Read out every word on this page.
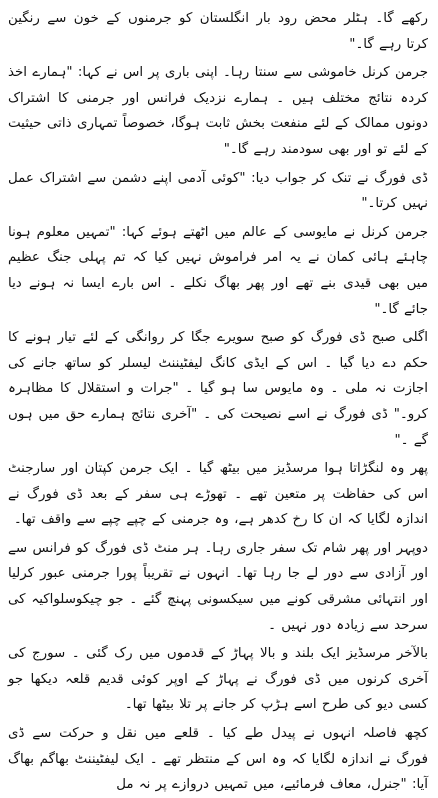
رکھے گا۔ ہٹلر محض رود بار انگلستان کو جرمنوں کے خون سے رنگین کرتا رہے گا۔"

جرمن کرنل خاموشی سے سنتا رہا۔ اپنی باری پر اس نے کہا: "ہمارے اخذ کردہ نتائج مختلف ہیں ۔ ہمارے نزدیک فرانس اور جرمنی کا اشتراک دونوں ممالک کے لئے منفعت بخش ثابت ہوگا، خصوصاً تمہاری ذاتی حیثیت کے لئے تو اور بھی سودمند رہے گا۔"

ڈی فورگ نے تنک کر جواب دیا: "کوئی آدمی اپنے دشمن سے اشتراک عمل نہیں کرتا۔"

جرمن کرنل نے مایوسی کے عالم میں اٹھتے ہوئے کہا: "تمہیں معلوم ہونا چاہئے ہائی کمان نے یہ امر فراموش نہیں کیا کہ تم پہلی جنگ عظیم میں بھی قیدی بنے تھے اور پھر بھاگ نکلے ۔ اس بارے ایسا نہ ہونے دیا جائے گا۔"

اگلی صبح ڈی فورگ کو صبح سویرے جگا کر روانگی کے لئے تیار ہونے کا حکم دے دیا گیا ۔ اس کے ایڈی کانگ لیفٹیننٹ لیسلر کو ساتھ جانے کی اجازت نہ ملی ۔ وہ مایوس سا ہو گیا ۔ "جرات و استقلال کا مظاہرہ کرو۔" ڈی فورگ نے اسے نصیحت کی ۔ "آخری نتائج ہمارے حق میں ہوں گے ۔"

پھر وہ لنگڑاتا ہوا مرسڈیز میں بیٹھ گیا ۔ ایک جرمن کپتان اور سارجنٹ اس کی حفاظت پر متعین تھے ۔ تھوڑے ہی سفر کے بعد ڈی فورگ نے اندازہ لگایا کہ ان کا رخ کدھر ہے، وہ جرمنی کے چپے چپے سے واقف تھا۔

دوپہر اور پھر شام تک سفر جاری رہا۔ ہر منٹ ڈی فورگ کو فرانس سے اور آزادی سے دور لے جا رہا تھا۔ انہوں نے تقریباً پورا جرمنی عبور کرلیا اور انتہائی مشرقی کونے میں سیکسونی پہنچ گئے ۔ جو چیکوسلواکیہ کی سرحد سے زیادہ دور نہیں ۔

بالآخر مرسڈیز ایک بلند و بالا پہاڑ کے قدموں میں رک گئی ۔ سورج کی آخری کرنوں میں ڈی فورگ نے پہاڑ کے اوپر کوئی قدیم قلعہ دیکھا جو کسی دیو کی طرح اسے ہڑپ کر جانے پر تلا بیٹھا تھا۔

کچھ فاصلہ انہوں نے پیدل طے کیا ۔ قلعے میں نقل و حرکت سے ڈی فورگ نے اندازہ لگایا کہ وہ اس کے منتظر تھے ۔ ایک لیفٹیننٹ بھاگم بھاگ آیا: "جنرل، معاف فرمائیے، میں تمہیں دروازے پر نہ مل
